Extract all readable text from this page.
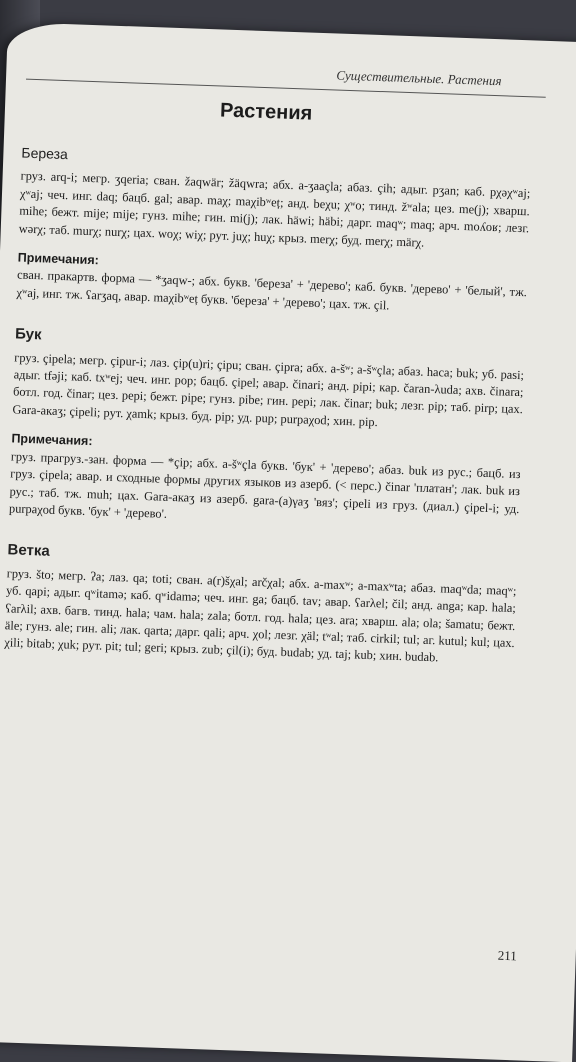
Существительные. Растения
Растения
Береза

груз. arq-i; мегр. ʒqeria; сван. žaqwär; žäqwra; абх. a-ʒaaçla; абаз. çih; адыг. pʒan; каб. pχəχʷaj; χʷaj; чеч. инг. daq; бацб. gal; авар. maχ; maχibʷeț; анд. beχu; χʷo; тинд. žʷala; цез. me(j); хварш. mihe; бежт. mije; mije; гунз. mihe; гин. mi(j); лак. häwi; häbi; дарг. maqʷ; maq; арч. moʎoʁ; лезг. wərχ; таб. murχ; nurχ; цах. woχ; wiχ; рут. juχ; huχ; крыз. merχ; буд. merχ; märχ.

Примечания:

сван. пракартв. форма — *ʒaqw-; абх. букв. 'береза' + 'дерево'; каб. букв. 'дерево' + 'белый', тж. χʷaj, инг. тж. ʕarʒaq, авар. maχibʷeț букв. 'береза' + 'дерево'; цах. тж. çil.

Бук

груз. çipela; мегр. çipur-i; лаз. çip(u)ri; çipu; сван. çipra; абх. a-šʷ; a-šʷçla; абаз. haca; buk; уб. pasi; адыг. tfəji; каб. txʷej; чеч. инг. pop; бацб. çipel; авар. činari; анд. pipi; кар. čaran-λuda; ахв. činara; ботл. год. činar; цез. pepi; бежт. pipe; гунз. pibe; гин. pepi; лак. činar; buk; лезг. pip; таб. pirp; цах. Gara-акаʒ; çipeli; рут. χamk; крыз. буд. pip; уд. pup; purpaχod; хин. pip.

Примечания:

груз. прагруз.-зан. форма — *çip; абх. a-šʷçla букв. 'бук' + 'дерево'; абаз. buk из рус.; бацб. из груз. çipela; авар. и сходные формы других языков из азерб. (< перс.) činar 'платан'; лак. buk из рус.; таб. тж. muh; цах. Gara-акаʒ из азерб. gara-(a)γaʒ 'вяз'; çipeli из груз. (диал.) çipel-i; уд. purpaχod букв. 'бук' + 'дерево'.

Ветка

груз. što; мегр. ʔa; лаз. qa; toti; сван. a(r)šχal; arčχal; абх. a-maxʷ; a-maxʷta; абаз. maqʷda; maqʷ; уб. qapi; адыг. qʷitamə; каб. qʷidamə; чеч. инг. ga; бацб. tav; авар. ʕarλel; čil; анд. anga; кар. hala; ʕarλil; ахв. багв. тинд. hala; чам. hala; zala; ботл. год. hala; цез. ara; хварш. ala; ola; šamatu; бежт. äle; гунз. ale; гин. ali; лак. qarta; дарг. qali; арч. χol; лезг. χäl; tʷal; таб. cirkil; tul; аг. kutul; kul; цах. χili; bitab; χuk; рут. pit; tul; geri; крыз. zub; çil(i); буд. budab; уд. taj; kub; хин. budab.

211
